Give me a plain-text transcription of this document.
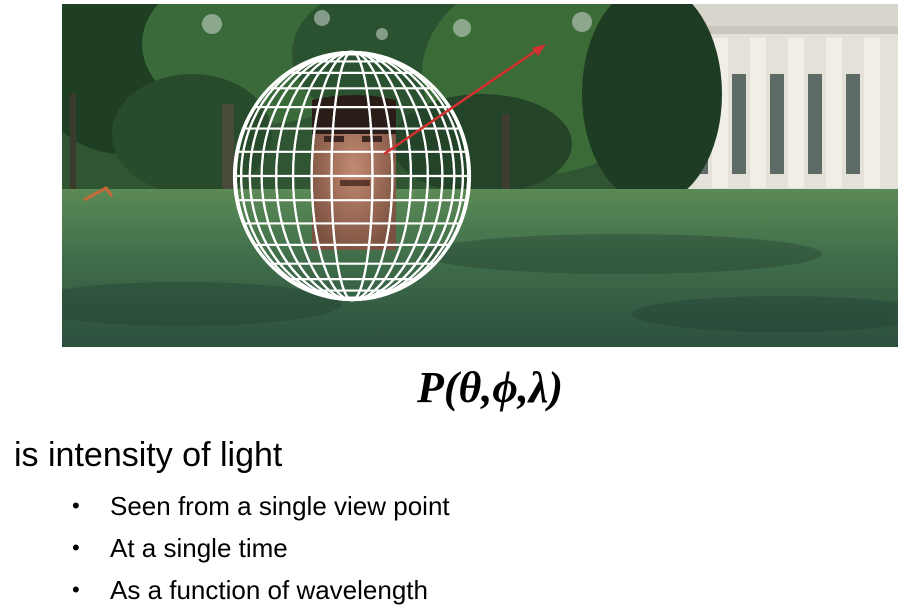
P(θ,ϕ,λ)
is intensity of light
• Seen from a single view point
• At a single time
• As a function of wavelength
